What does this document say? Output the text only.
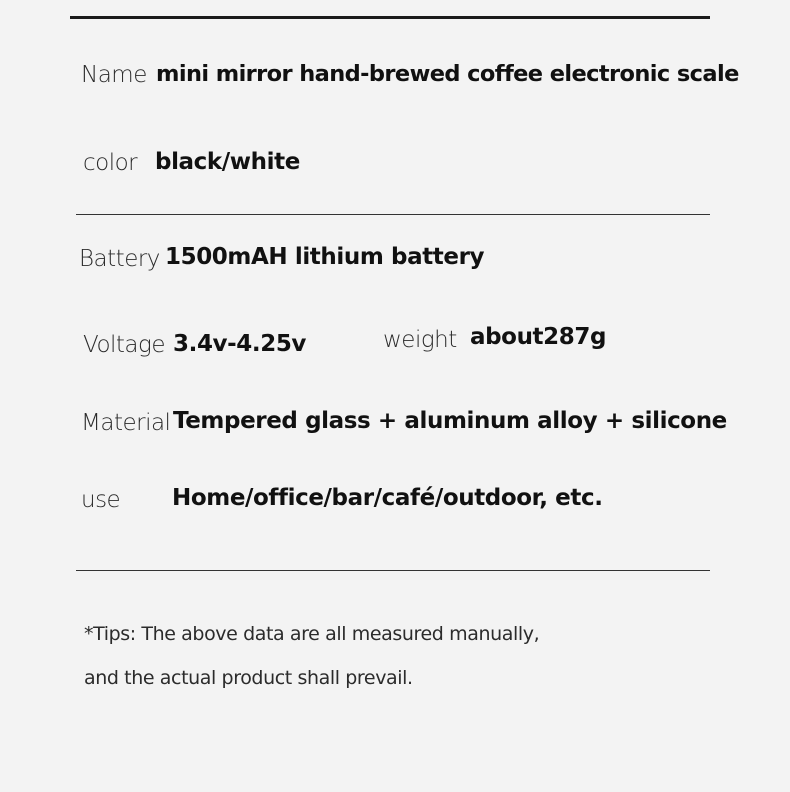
Name mini mirror hand-brewed coffee electronic scale
color black/white
Battery 1500mAH lithium battery
Voltage 3.4v-4.25v	weight about287g
Material Tempered glass + aluminum alloy + silicone
use Home/office/bar/café/outdoor, etc.
*Tips: The above data are all measured manually,
and the actual product shall prevail.
